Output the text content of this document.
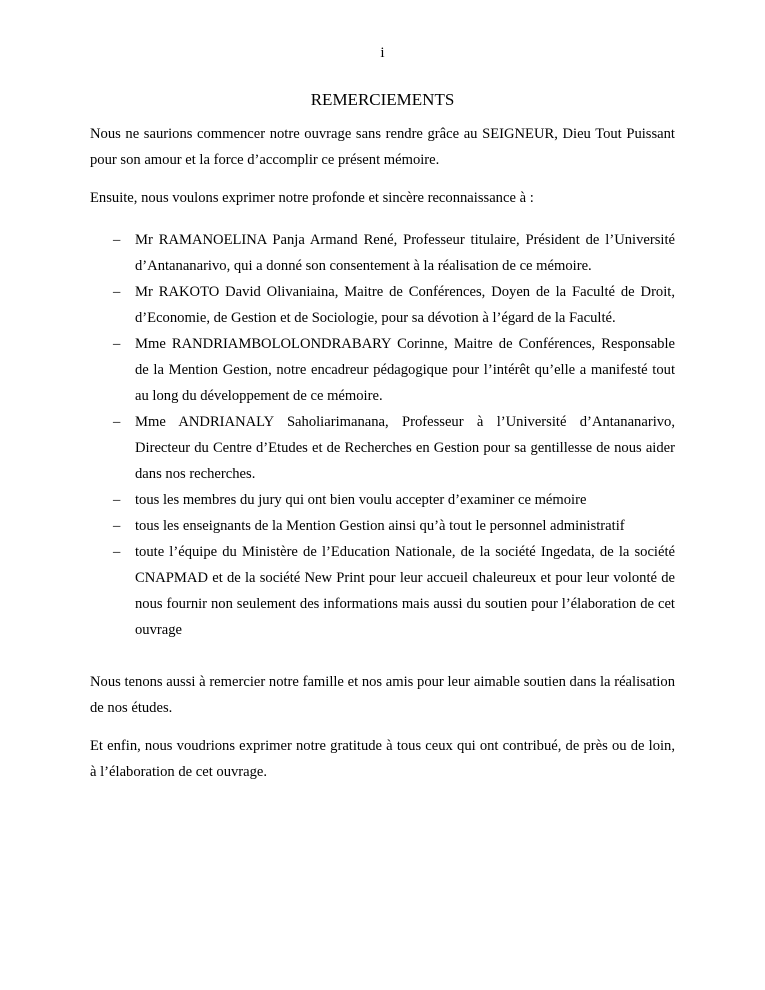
i
REMERCIEMENTS

Nous ne saurions commencer notre ouvrage sans rendre grâce au SEIGNEUR, Dieu Tout Puissant pour son amour et la force d’accomplir ce présent mémoire.

Ensuite, nous voulons exprimer notre profonde et sincère reconnaissance à :

– Mr RAMANOELINA Panja Armand René, Professeur titulaire, Président de l’Université d’Antananarivo, qui a donné son consentement à la réalisation de ce mémoire.
– Mr RAKOTO David Olivaniaina, Maitre de Conférences, Doyen de la Faculté de Droit, d’Economie, de Gestion et de Sociologie, pour sa dévotion à l’égard de la Faculté.
– Mme RANDRIAMBOLOLONDRABARY Corinne, Maitre de Conférences, Responsable de la Mention Gestion, notre encadreur pédagogique pour l’intérêt qu’elle a manifesté tout au long du développement de ce mémoire.
– Mme ANDRIANALY Saholiarimanana, Professeur à l’Université d’Antananarivo, Directeur du Centre d’Etudes et de Recherches en Gestion pour sa gentillesse de nous aider dans nos recherches.
– tous les membres du jury qui ont bien voulu accepter d’examiner ce mémoire
– tous les enseignants de la Mention Gestion ainsi qu’à tout le personnel administratif
– toute l’équipe du Ministère de l’Education Nationale, de la société Ingedata, de la société CNAPMAD et de la société New Print pour leur accueil chaleureux et pour leur volonté de nous fournir non seulement des informations mais aussi du soutien pour l’élaboration de cet ouvrage

Nous tenons aussi à remercier notre famille et nos amis pour leur aimable soutien dans la réalisation de nos études.

Et enfin, nous voudrions exprimer notre gratitude à tous ceux qui ont contribué, de près ou de loin, à l’élaboration de cet ouvrage.
